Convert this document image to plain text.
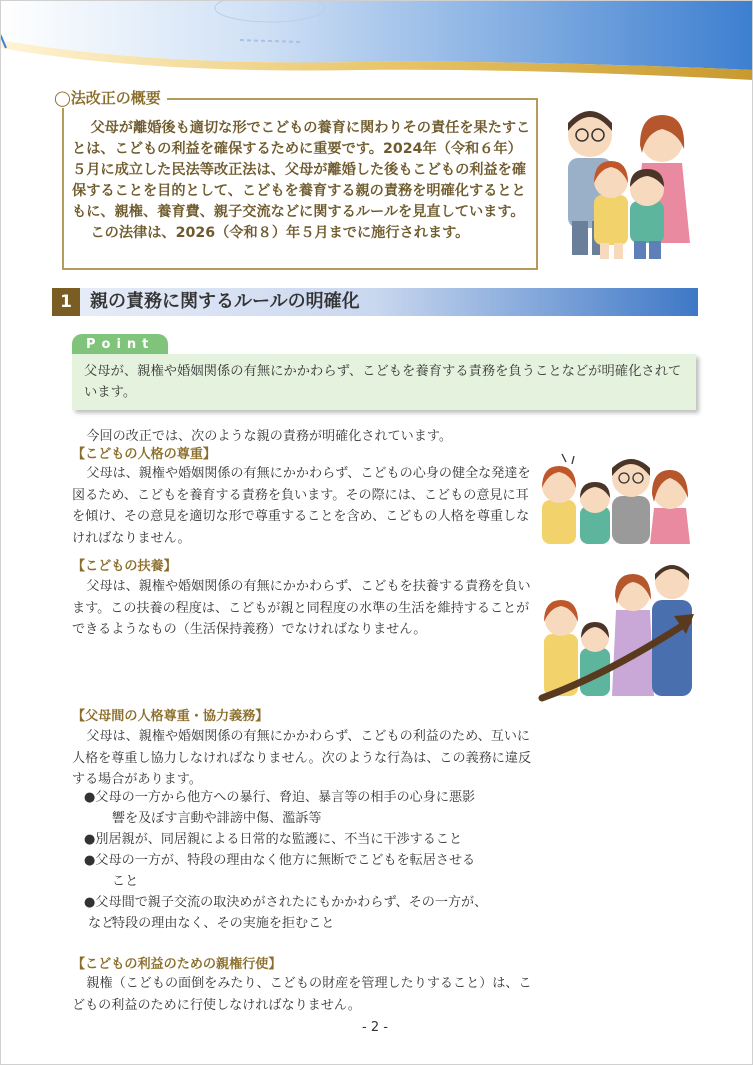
◯法改正の概要

父母が離婚後も適切な形でこどもの養育に関わりその責任を果たすことは、こどもの利益を確保するために重要です。2024年（令和６年）５月に成立した民法等改正法は、父母が離婚した後もこどもの利益を確保することを目的として、こどもを養育する親の責務を明確化するとともに、親権、養育費、親子交流などに関するルールを見直しています。

この法律は、2026（令和８）年５月までに施行されます。

1	親の責務に関するルールの明確化
Point
父母が、親権や婚姻関係の有無にかかわらず、こどもを養育する責務を負うことなどが明確化されています。
今回の改正では、次のような親の責務が明確化されています。
【こどもの人格の尊重】
父母は、親権や婚姻関係の有無にかかわらず、こどもの心身の健全な発達を図るため、こどもを養育する責務を負います。その際には、こどもの意見に耳を傾け、その意見を適切な形で尊重することを含め、こどもの人格を尊重しなければなりません。
【こどもの扶養】
父母は、親権や婚姻関係の有無にかかわらず、こどもを扶養する責務を負います。この扶養の程度は、こどもが親と同程度の水準の生活を維持することができるようなもの（生活保持義務）でなければなりません。
【父母間の人格尊重・協力義務】
父母は、親権や婚姻関係の有無にかかわらず、こどもの利益のため、互いに人格を尊重し協力しなければなりません。次のような行為は、この義務に違反する場合があります。
●父母の一方から他方への暴行、脅迫、暴言等の相手の心身に悪影
響を及ぼす言動や誹謗中傷、濫訴等
●別居親が、同居親による日常的な監護に、不当に干渉すること
●父母の一方が、特段の理由なく他方に無断でこどもを転居させる
こと
●父母間で親子交流の取決めがされたにもかかわらず、その一方が、
特段の理由なく、その実施を拒むこと
など
【こどもの利益のための親権行使】
親権（こどもの面倒をみたり、こどもの財産を管理したりすること）は、こどもの利益のために行使しなければなりません。
- 2 -
